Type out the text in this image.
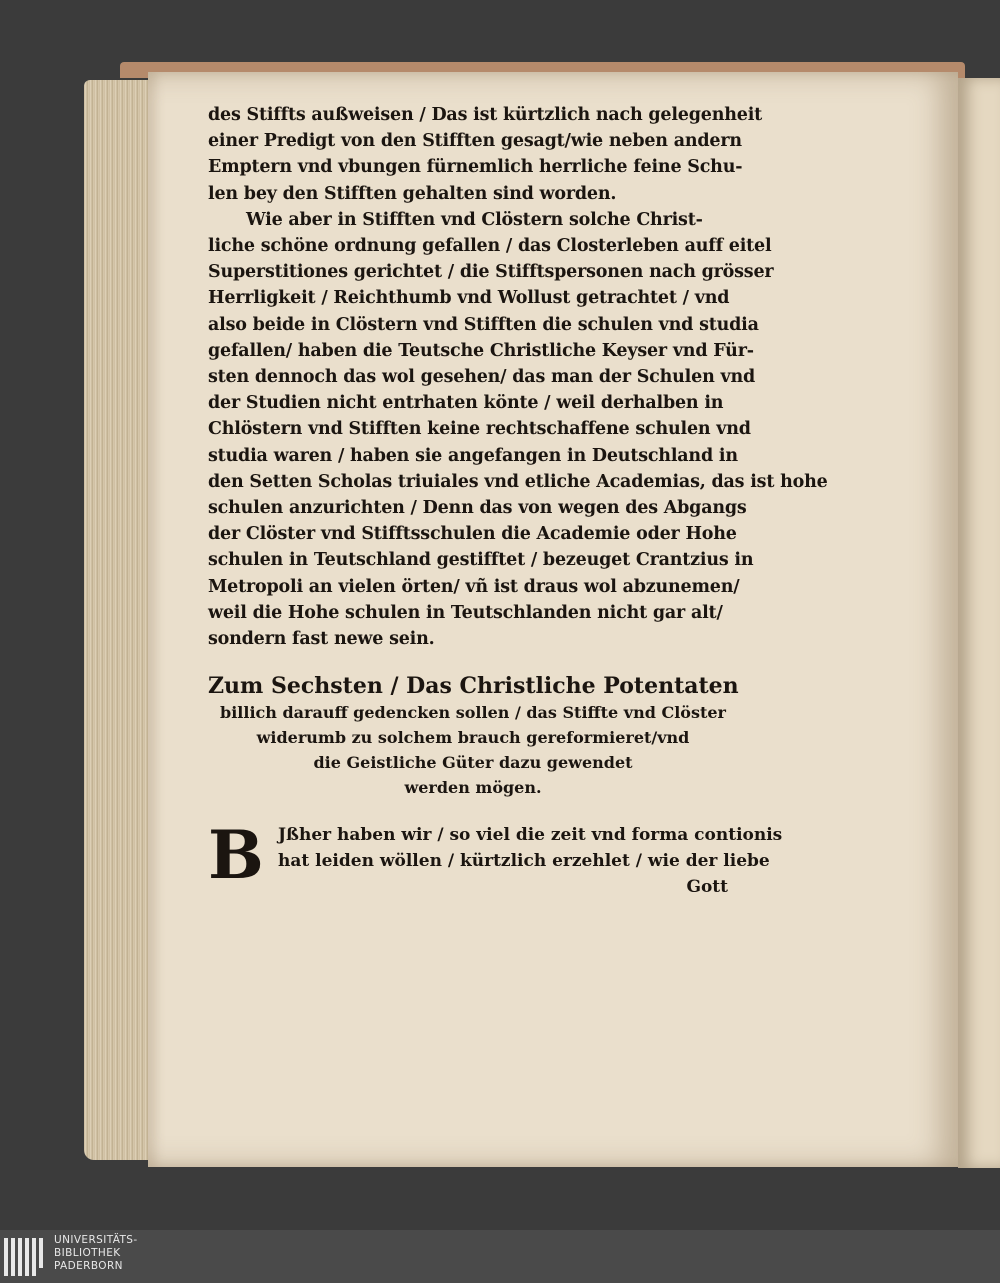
des Stiffts außweisen / Das ist kürtzlich nach gelegenheit
einer Predigt von den Stifften gesagt/wie neben andern
Emptern vnd vbungen fürnemlich herrliche feine Schu-
len bey den Stifften gehalten sind worden.
Wie aber in Stifften vnd Clöstern solche Christ-
liche schöne ordnung gefallen / das Closterleben auff eitel
Superstitiones gerichtet / die Stifftspersonen nach grösser
Herrligkeit / Reichthumb vnd Wollust getrachtet / vnd
also beide in Clöstern vnd Stifften die schulen vnd studia
gefallen/ haben die Teutsche Christliche Keyser vnd Für-
sten dennoch das wol gesehen/ das man der Schulen vnd
der Studien nicht entrhaten könte / weil derhalben in
Chlöstern vnd Stifften keine rechtschaffene schulen vnd
studia waren / haben sie angefangen in Deutschland in
den Setten Scholas triuiales vnd etliche Academias, das ist hohe
schulen anzurichten / Denn das von wegen des Abgangs
der Clöster vnd Stifftsschulen die Academie oder Hohe
schulen in Teutschland gestifftet / bezeuget Crantzius in
Metropoli an vielen örten/ vñ ist draus wol abzunemen/
weil die Hohe schulen in Teutschlanden nicht gar alt/
sondern fast newe sein.
Zum Sechsten / Das Christliche Potentaten
billich darauff gedencken sollen / das Stiffte vnd Clöster
widerumb zu solchem brauch gereformieret/vnd
die Geistliche Güter dazu gewendet
werden mögen.
B Jßher haben wir / so viel die zeit vnd forma contionis
hat leiden wöllen / kürtzlich erzehlet / wie der liebe
Gott
UNIVERSITÄTS-
BIBLIOTHEK
PADERBORN
